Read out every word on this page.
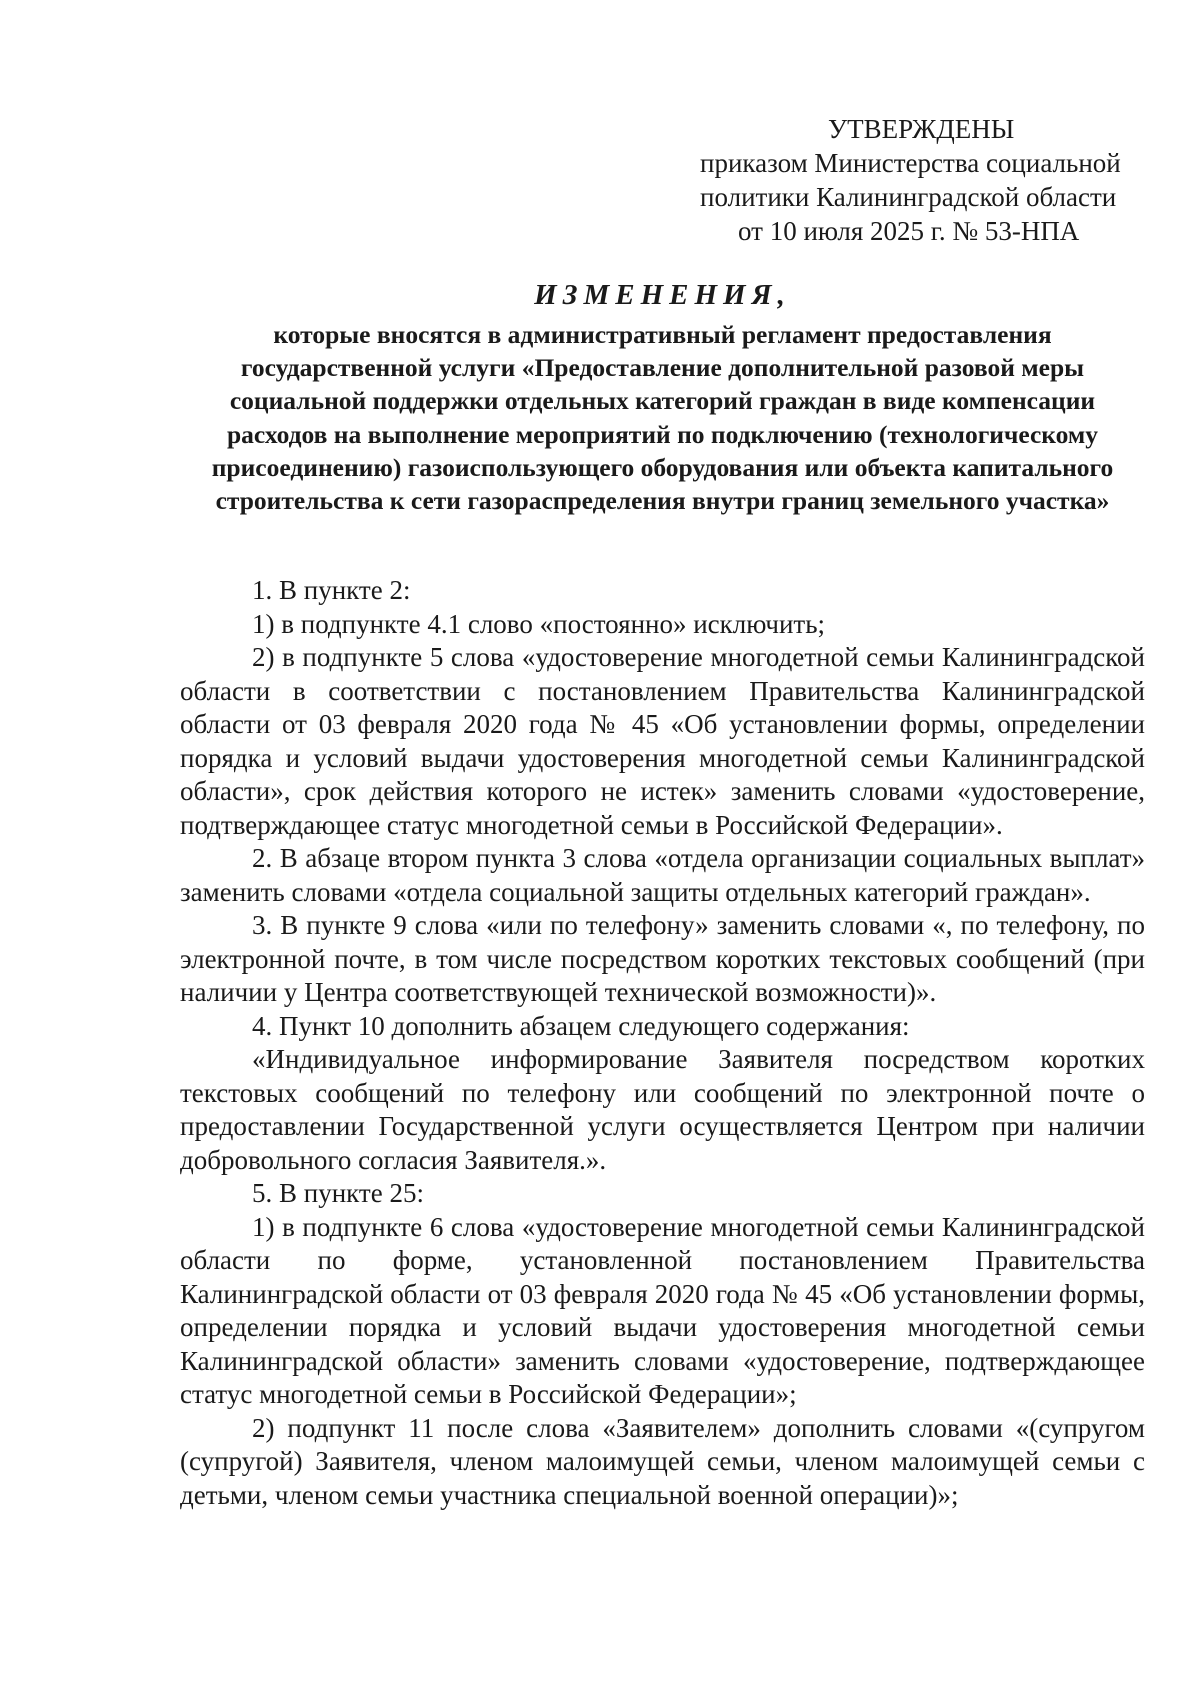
УТВЕРЖДЕНЫ
приказом Министерства социальной
политики Калининградской области
от 10 июля 2025 г. № 53-НПА
ИЗМЕНЕНИЯ,
которые вносятся в административный регламент предоставления государственной услуги «Предоставление дополнительной разовой меры социальной поддержки отдельных категорий граждан в виде компенсации расходов на выполнение мероприятий по подключению (технологическому присоединению) газоиспользующего оборудования или объекта капитального строительства к сети газораспределения внутри границ земельного участка»

1. В пункте 2:

1) в подпункте 4.1 слово «постоянно» исключить;

2) в подпункте 5 слова «удостоверение многодетной семьи Калининградской области в соответствии с постановлением Правительства Калининградской области от 03 февраля 2020 года № 45 «Об установлении формы, определении порядка и условий выдачи удостоверения многодетной семьи Калининградской области», срок действия которого не истек» заменить словами «удостоверение, подтверждающее статус многодетной семьи в Российской Федерации».

2. В абзаце втором пункта 3 слова «отдела организации социальных выплат» заменить словами «отдела социальной защиты отдельных категорий граждан».

3. В пункте 9 слова «или по телефону» заменить словами «, по телефону, по электронной почте, в том числе посредством коротких текстовых сообщений (при наличии у Центра соответствующей технической возможности)».

4. Пункт 10 дополнить абзацем следующего содержания:

«Индивидуальное информирование Заявителя посредством коротких текстовых сообщений по телефону или сообщений по электронной почте о предоставлении Государственной услуги осуществляется Центром при наличии добровольного согласия Заявителя.».

5. В пункте 25:

1) в подпункте 6 слова «удостоверение многодетной семьи Калининградской области по форме, установленной постановлением Правительства Калининградской области от 03 февраля 2020 года № 45 «Об установлении формы, определении порядка и условий выдачи удостоверения многодетной семьи Калининградской области» заменить словами «удостоверение, подтверждающее статус многодетной семьи в Российской Федерации»;

2) подпункт 11 после слова «Заявителем» дополнить словами «(супругом (супругой) Заявителя, членом малоимущей семьи, членом малоимущей семьи с детьми, членом семьи участника специальной военной операции)»;
